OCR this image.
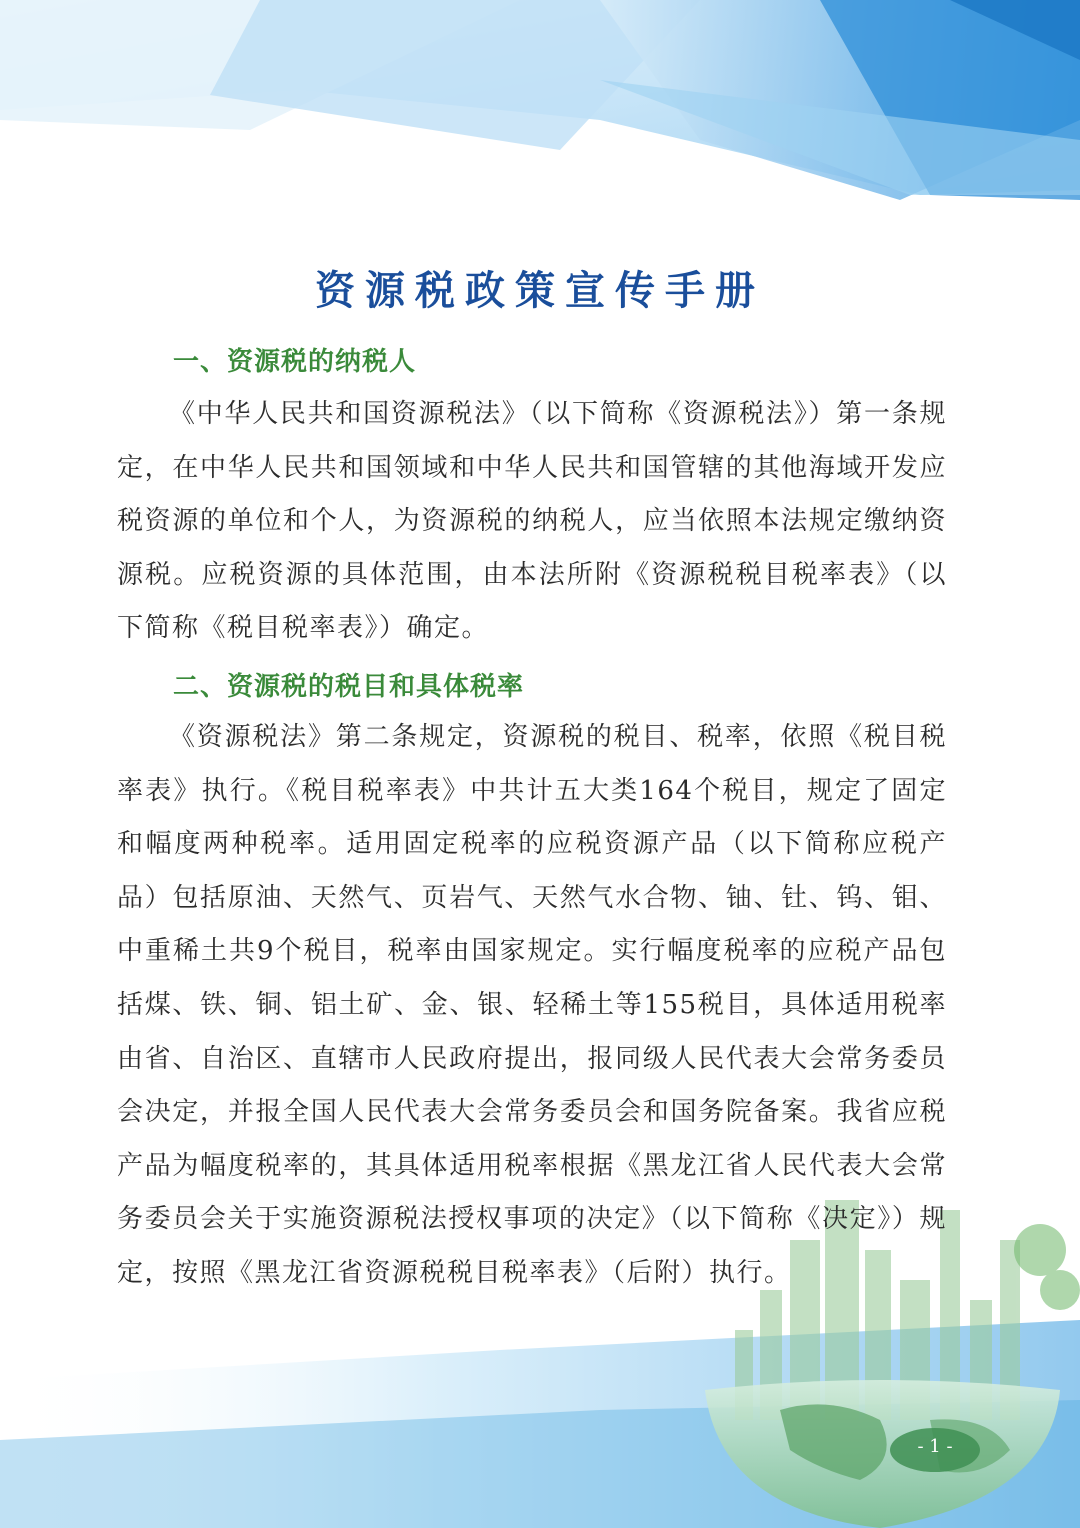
资源税政策宣传手册
一、资源税的纳税人

《中华人民共和国资源税法》（以下简称《资源税法》）第一条规定，在中华人民共和国领域和中华人民共和国管辖的其他海域开发应税资源的单位和个人，为资源税的纳税人，应当依照本法规定缴纳资源税。应税资源的具体范围，由本法所附《资源税税目税率表》（以下简称《税目税率表》）确定。

二、资源税的税目和具体税率

《资源税法》第二条规定，资源税的税目、税率，依照《税目税率表》执行。《税目税率表》中共计五大类164个税目，规定了固定和幅度两种税率。适用固定税率的应税资源产品（以下简称应税产品）包括原油、天然气、页岩气、天然气水合物、铀、钍、钨、钼、中重稀土共9个税目，税率由国家规定。实行幅度税率的应税产品包括煤、铁、铜、铝土矿、金、银、轻稀土等155税目，具体适用税率由省、自治区、直辖市人民政府提出，报同级人民代表大会常务委员会决定，并报全国人民代表大会常务委员会和国务院备案。我省应税产品为幅度税率的，其具体适用税率根据《黑龙江省人民代表大会常务委员会关于实施资源税法授权事项的决定》（以下简称《决定》）规定，按照《黑龙江省资源税税目税率表》（后附）执行。

- 1 -
